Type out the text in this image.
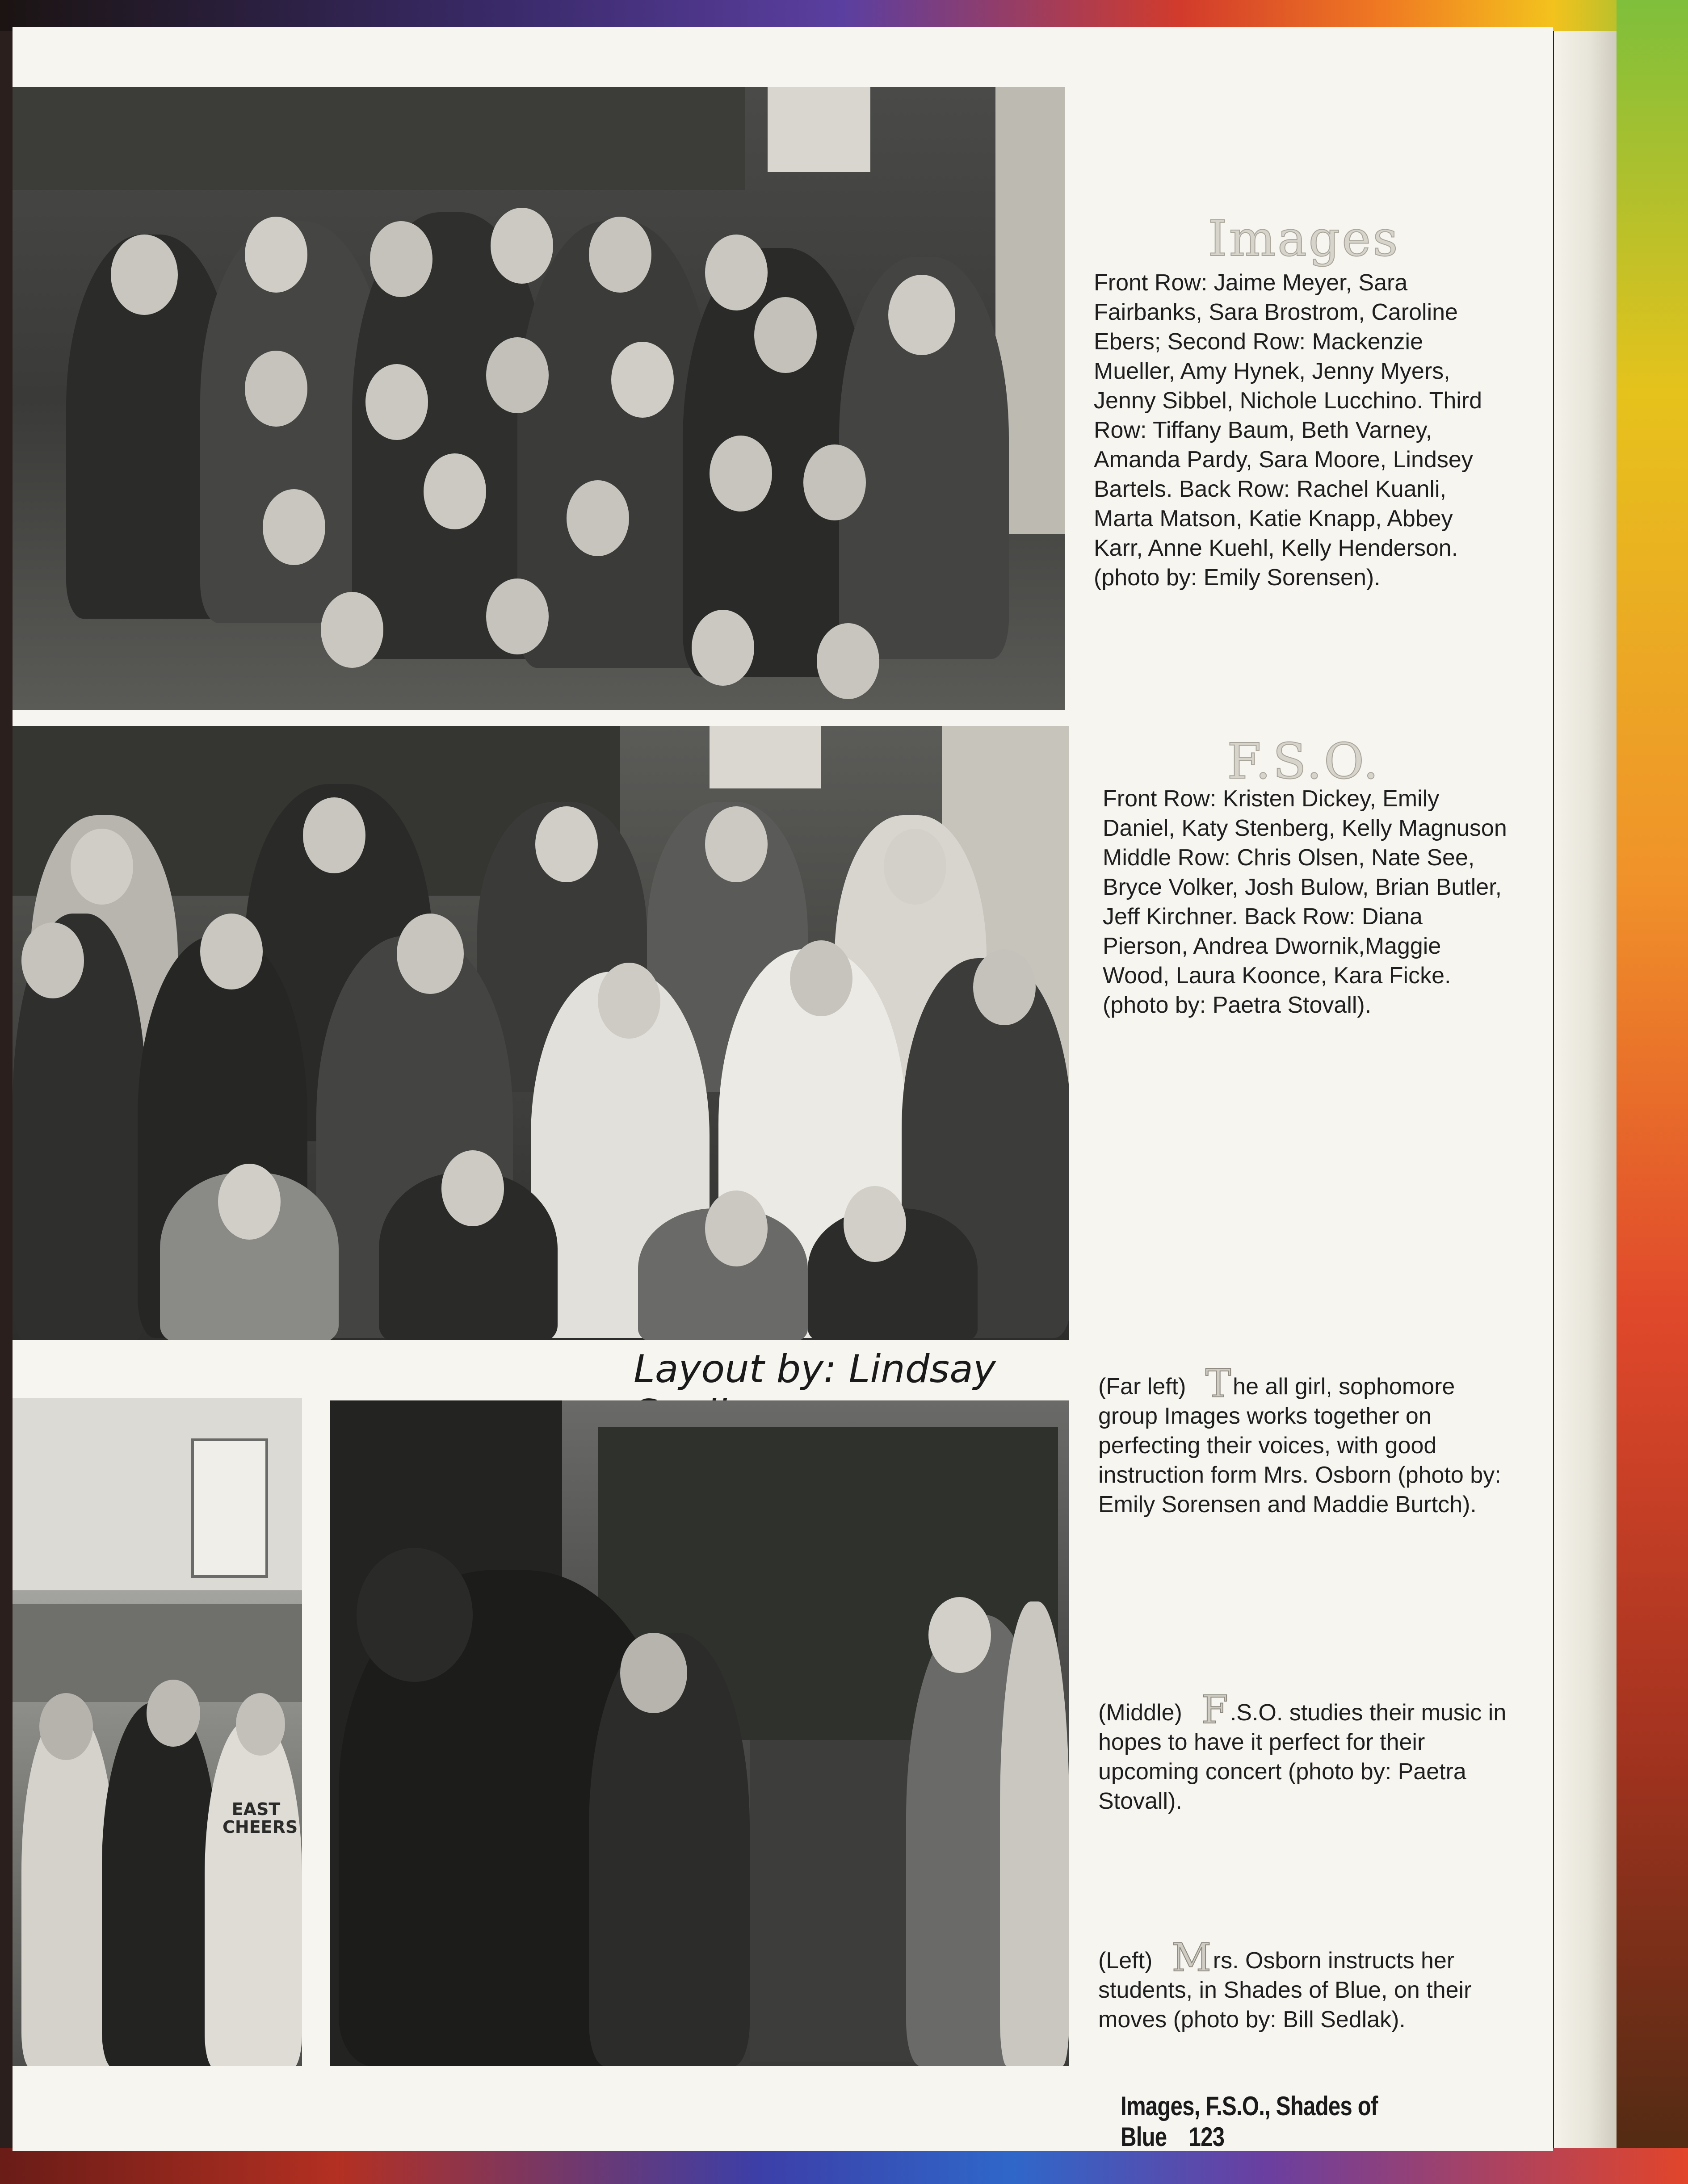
Images
Front Row: Jaime Meyer, Sara Fairbanks, Sara Brostrom, Caroline Ebers; Second Row: Mackenzie Mueller, Amy Hynek, Jenny Myers, Jenny Sibbel, Nichole Lucchino. Third Row: Tiffany Baum, Beth Varney, Amanda Pardy, Sara Moore, Lindsey Bartels. Back Row: Rachel Kuanli, Marta Matson, Katie Knapp, Abbey Karr, Anne Kuehl, Kelly Henderson. (photo by: Emily Sorensen).
F.S.O.
Front Row: Kristen Dickey, Emily Daniel, Katy Stenberg, Kelly Magnuson Middle Row: Chris Olsen, Nate See, Bryce Volker, Josh Bulow, Brian Butler, Jeff Kirchner. Back Row: Diana Pierson, Andrea Dwornik,Maggie Wood, Laura Koonce, Kara Ficke. (photo by: Paetra Stovall).
Layout by: Lindsay
EAST CHEERS
(Far left) The all girl, sophomore group Images works together on perfecting their voices, with good instruction form Mrs. Osborn (photo by: Emily Sorensen and Maddie Burtch).
(Middle) F.S.O. studies their music in hopes to have it perfect for their upcoming concert (photo by: Paetra Stovall).
(Left) Mrs. Osborn instructs her students, in Shades of Blue, on their moves (photo by: Bill Sedlak).
Images, F.S.O., Shades of Blue 123
